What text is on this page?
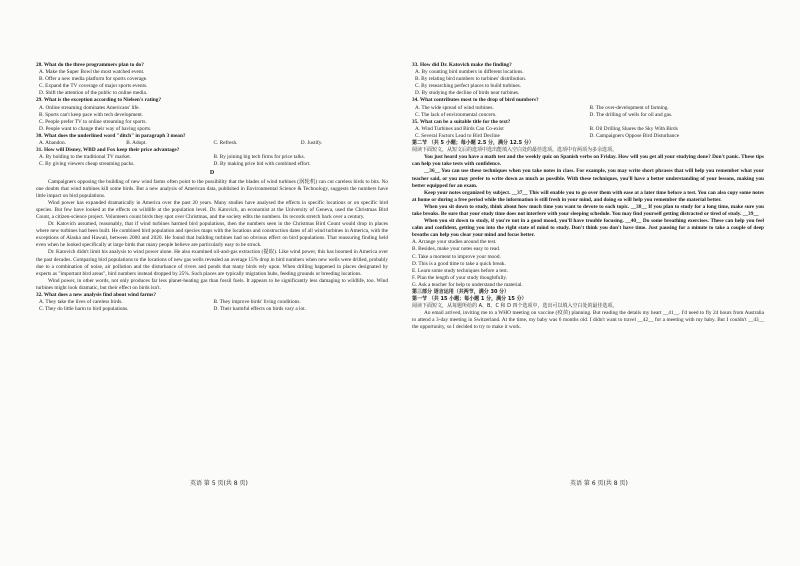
28. What do the three programmers plan to do?
A. Make the Super Bowl the most watched event.
B. Offer a new media platform for sports coverage.
C. Expand the TV coverage of major sports events.
D. Shift the attention of the public to online media.
29. What is the exception according to Nielsen's rating?
A. Online streaming dominates Americans' life.
B. Sports can't keep pace with tech development.
C. People prefer TV to online streaming for sports.
D. People want to change their way of having sports.
30. What does the underlined word "ditch" in paragraph 3 mean?
A. Abandon.	B. Adopt.	C. Refresh.	D. Justify.
31. How will Disney, WBD and Fox keep their price advantage?
A. By holding to the traditional TV market.	B. By joining big tech firms for price talks.
C. By giving viewers cheap streaming packs.	D. By making price bid with combined effort.
D

Campaigners opposing the building of new wind farms often point to the possibility that the blades of wind turbines (涡轮机) can cut careless birds to bits. No one doubts that wind turbines kill some birds. But a new analysis of American data, published in Environmental Science & Technology, suggests the numbers have little impact on bird populations.

Wind power has expanded dramatically in America over the past 20 years. Many studies have analysed the effects in specific locations or on specific bird species. But few have looked at the effects on wildlife at the population level. Dr. Katovich, an economist at the University of Geneva, used the Christmas Bird Count, a citizen-science project. Volunteers count birds they spot over Christmas, and the society edits the numbers. Its records stretch back over a century.

Dr. Katovich assumed, reasonably, that if wind turbines harmed bird populations, then the numbers seen in the Christmas Bird Count would drop in places where new turbines had been built. He combined bird population and species maps with the locations and construction dates of all wind turbines in America, with the exceptions of Alaska and Hawaii, between 2000 and 2020. He found that building turbines had no obvious effect on bird populations. That reassuring finding held even when he looked specifically at large birds that many people believe are particularly easy to be struck.

Dr. Katovich didn't limit his analysis to wind power alone. He also examined oil-and-gas extraction (提取). Like wind power, this has boomed in America over the past decades. Comparing bird populations to the locations of new gas wells revealed an average 15% drop in bird numbers when new wells were drilled, probably due to a combination of noise, air pollution and the disturbance of rivers and ponds that many birds rely upon. When drilling happened in places designated by experts as "important bird areas", bird numbers instead dropped by 25%. Such places are typically migration hubs, feeding grounds or breeding locations.

Wind power, in other words, not only produces far less planet-heating gas than fossil fuels. It appears to be significantly less damaging to wildlife, too. Wind turbines might look dramatic, but their effect on birds isn't.

32. What does a new analysis find about wind farms?
A. They take the lives of careless birds.	B. They improve birds' living conditions.
C. They do little harm to bird populations.	D. Their harmful effects on birds vary a lot.
33. How did Dr. Katovich make the finding?
A. By counting bird numbers in different locations.
B. By relating bird numbers to turbines' distribution.
C. By researching perfect places to build turbines.
D. By studying the decline of birds near turbines.
34. What contributes most to the drop of bird numbers?
A. The wide spread of wind turbines.	B. The over-development of farming.
C. The lack of environmental concern.	D. The drilling of wells for oil and gas.
35. What can be a suitable title for the text?
A. Wind Turbines and Birds Can Co-exist	B. Oil Drilling Shares the Sky With Birds
C. Several Factors Lead to Bird Decline	D. Campaigners Oppose Bird Disturbance
第二节 （共 5 小题；每小题 2.5 分，满分 12.5 分）
阅读下面短文，从短文后的选项中选出能填入空白处的最佳选项。选项中有两项为多余选项。

You just heard you have a math test and the weekly quiz on Spanish verbs on Friday. How will you get all your studying done? Don't panic. These tips can help you take tests with confidence.

__36__ You can use these techniques when you take notes in class. For example, you may write short phrases that will help you remember what your teacher said, or you may prefer to write down as much as possible. With these techniques, you'll have a better understanding of your lessons, making you better equipped for an exam.

Keep your notes organized by subject. __37__ This will enable you to go over them with ease at a later time before a test. You can also copy some notes at home or during a free period while the information is still fresh in your mind, and doing so will help you remember the material better.

When you sit down to study, think about how much time you want to devote to each topic. __38__ If you plan to study for a long time, make sure you take breaks. Be sure that your study time does not interfere with your sleeping schedule. You may find yourself getting distracted or tired of study. __39__

When you sit down to study, if you're not in a good mood, you'll have trouble focusing. __40__ Do some breathing exercises. These can help you feel calm and confident, getting you into the right state of mind to study. Don't think you don't have time. Just pausing for a minute to take a couple of deep breaths can help you clear your mind and focus better.

A. Arrange your studies around the test.
B. Besides, make your notes easy to read.
C. Take a moment to improve your mood.
D. This is a good time to take a quick break.
E. Learn some study techniques before a test.
F. Plan the length of your study thoughtfully.
G. Ask a teacher for help to understand the material.
第三部分 语言运用（共两节，满分 30 分）
第一节 （共 15 小题；每小题 1 分，满分 15 分）
阅读下面短文，从每题所给的 A、B、C 和 D 四个选项中，选出可以填入空白处的最佳选项。

An email arrived, inviting me to a WHO meeting on vaccine (疫苗) planning. But reading the details my heart __41__. I'd need to fly 24 hours from Australia to attend a 3-day meeting in Switzerland. At the time, my baby was 6 months old. I didn't want to travel __42__ for a meeting with my baby. But I couldn't __43__ the opportunity, so I decided to try to make it work.

英语 第 5 页(共 8 页)	英语 第 6 页(共 8 页)
